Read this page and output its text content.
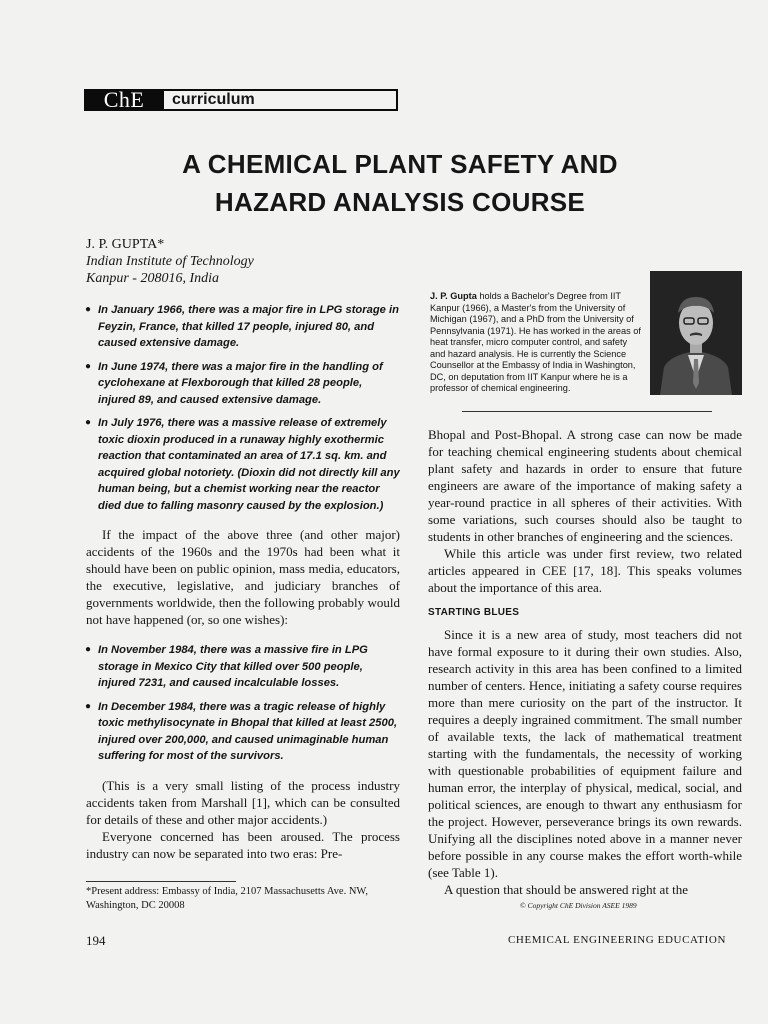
ChE	curriculum
A CHEMICAL PLANT SAFETY AND
HAZARD ANALYSIS COURSE
J. P. GUPTA*
Indian Institute of Technology
Kanpur - 208016, India
● In January 1966, there was a major fire in LPG storage in Feyzin, France, that killed 17 people, injured 80, and caused extensive damage.
● In June 1974, there was a major fire in the handling of cyclohexane at Flexborough that killed 28 people, injured 89, and caused extensive damage.
● In July 1976, there was a massive release of extremely toxic dioxin produced in a runaway highly exothermic reaction that contaminated an area of 17.1 sq. km. and acquired global notoriety. (Dioxin did not directly kill any human being, but a chemist working near the reactor died due to falling masonry caused by the explosion.)

If the impact of the above three (and other major) accidents of the 1960s and the 1970s had been what it should have been on public opinion, mass media, educators, the executive, legislative, and judiciary branches of governments worldwide, then the following probably would not have happened (or, so one wishes):

● In November 1984, there was a massive fire in LPG storage in Mexico City that killed over 500 people, injured 7231, and caused incalculable losses.
● In December 1984, there was a tragic release of highly toxic methylisocynate in Bhopal that killed at least 2500, injured over 200,000, and caused unimaginable human suffering for most of the survivors.

(This is a very small listing of the process industry accidents taken from Marshall [1], which can be consulted for details of these and other major accidents.)

Everyone concerned has been aroused. The process industry can now be separated into two eras: Pre-

*Present address: Embassy of India, 2107 Massachusetts Ave. NW, Washington, DC 20008
J. P. Gupta holds a Bachelor's Degree from IIT Kanpur (1966), a Master's from the University of Michigan (1967), and a PhD from the University of Pennsylvania (1971). He has worked in the areas of heat transfer, micro computer control, and safety and hazard analysis. He is currently the Science Counsellor at the Embassy of India in Washington, DC, on deputation from IIT Kanpur where he is a professor of chemical engineering.

Bhopal and Post-Bhopal. A strong case can now be made for teaching chemical engineering students about chemical plant safety and hazards in order to ensure that future engineers are aware of the importance of making safety a year-round practice in all spheres of their activities. With some variations, such courses should also be taught to students in other branches of engineering and the sciences.

While this article was under first review, two related articles appeared in CEE [17, 18]. This speaks volumes about the importance of this area.

STARTING BLUES

Since it is a new area of study, most teachers did not have formal exposure to it during their own studies. Also, research activity in this area has been confined to a limited number of centers. Hence, initiating a safety course requires more than mere curiosity on the part of the instructor. It requires a deeply ingrained commitment. The small number of available texts, the lack of mathematical treatment starting with the fundamentals, the necessity of working with questionable probabilities of equipment failure and human error, the interplay of physical, medical, social, and political sciences, are enough to thwart any enthusiasm for the project. However, perseverance brings its own rewards. Unifying all the disciplines noted above in a manner never before possible in any course makes the effort worth-while (see Table 1).

A question that should be answered right at the

© Copyright ChE Division ASEE 1989
194	CHEMICAL ENGINEERING EDUCATION
